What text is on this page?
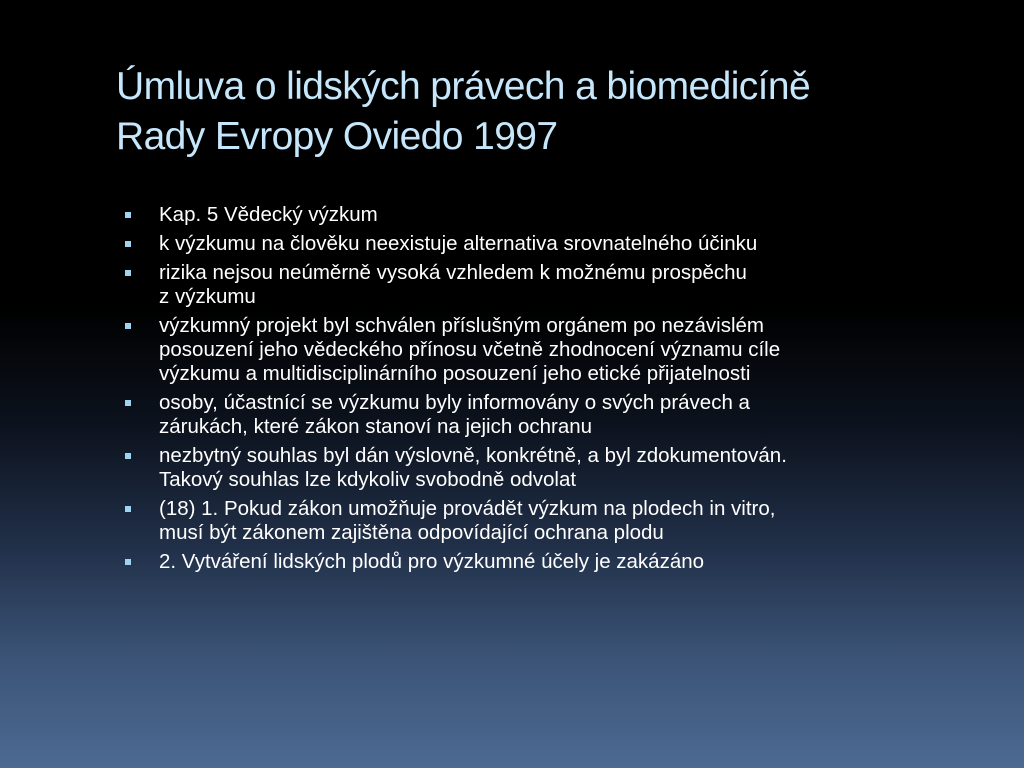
Úmluva o lidských právech a biomedicíně
Rady Evropy Oviedo 1997
Kap. 5 Vědecký výzkum
k výzkumu na člověku neexistuje alternativa srovnatelného účinku
rizika nejsou neúměrně vysoká vzhledem k možnému prospěchu
z výzkumu
výzkumný projekt byl schválen příslušným orgánem po nezávislém
posouzení jeho vědeckého přínosu včetně zhodnocení významu cíle
výzkumu a multidisciplinárního posouzení jeho etické přijatelnosti
osoby, účastnící se výzkumu byly informovány o svých právech a
zárukách, které zákon stanoví na jejich ochranu
nezbytný souhlas byl dán výslovně, konkrétně, a byl zdokumentován.
Takový souhlas lze kdykoliv svobodně odvolat
(18) 1. Pokud zákon umožňuje provádět výzkum na plodech in vitro,
musí být zákonem zajištěna odpovídající ochrana plodu
2. Vytváření lidských plodů pro výzkumné účely je zakázáno
